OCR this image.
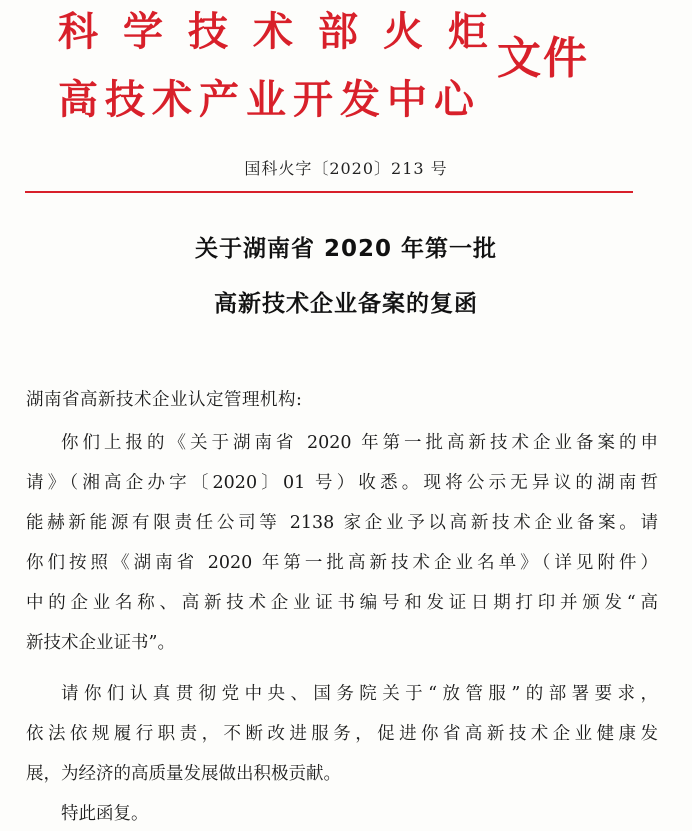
科学技术部火炬
高技术产业开发中心
文件
国科火字〔2020〕213 号
关于湖南省 2020 年第一批
高新技术企业备案的复函
湖南省高新技术企业认定管理机构:
你们上报的《关于湖南省 2020 年第一批高新技术企业备案的申
请》（湘高企办字〔2020〕01 号）收悉。现将公示无异议的湖南哲
能赫新能源有限责任公司等 2138 家企业予以高新技术企业备案。请
你们按照《湖南省 2020 年第一批高新技术企业名单》（详见附件）
中的企业名称、高新技术企业证书编号和发证日期打印并颁发“高
新技术企业证书”。
请你们认真贯彻党中央、国务院关于“放管服”的部署要求，
依法依规履行职责，不断改进服务，促进你省高新技术企业健康发
展，为经济的高质量发展做出积极贡献。
特此函复。
